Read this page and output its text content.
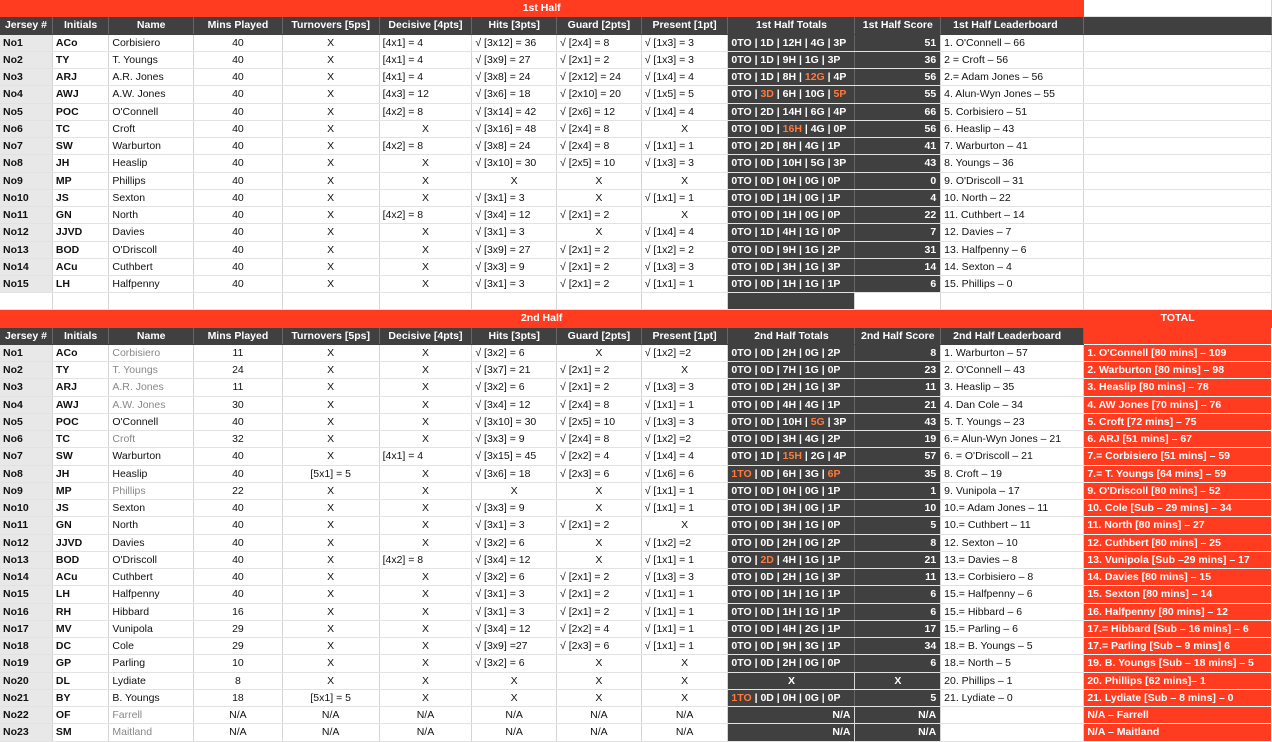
1st Half												
Jersey #	Initials	Name	Mins Played	Turnovers [5ps]	Decisive [4pts]	Hits [3pts]	Guard [2pts]	Present [1pt]	1st Half Totals	1st Half Score	1st Half Leaderboard	
No1	ACo	Corbisiero	40	X	[4x1] = 4	√ [3x12] = 36	√ [2x4] = 8	√ [1x3] = 3	0TO | 1D | 12H | 4G | 3P	51	1. O'Connell – 66	
No2	TY	T. Youngs	40	X	[4x1] = 4	√ [3x9] = 27	√ [2x1] = 2	√ [1x3] = 3	0TO | 1D | 9H | 1G | 3P	36	2 = Croft – 56	
No3	ARJ	A.R. Jones	40	X	[4x1] = 4	√ [3x8] = 24	√ [2x12] = 24	√ [1x4] = 4	0TO | 1D | 8H | 12G | 4P	56	2.= Adam Jones – 56	
No4	AWJ	A.W. Jones	40	X	[4x3] = 12	√ [3x6] = 18	√ [2x10] = 20	√ [1x5] = 5	0TO | 3D | 6H | 10G | 5P	55	4. Alun-Wyn Jones – 55	
No5	POC	O'Connell	40	X	[4x2] = 8	√ [3x14] = 42	√ [2x6] = 12	√ [1x4] = 4	0TO | 2D | 14H | 6G | 4P	66	5. Corbisiero – 51	
No6	TC	Croft	40	X	X	√ [3x16] = 48	√ [2x4] = 8	X	0TO | 0D | 16H | 4G | 0P	56	6. Heaslip – 43	
No7	SW	Warburton	40	X	[4x2] = 8	√ [3x8] = 24	√ [2x4] = 8	√ [1x1] = 1	0TO | 2D | 8H | 4G | 1P	41	7. Warburton – 41	
No8	JH	Heaslip	40	X	X	√ [3x10] = 30	√ [2x5] = 10	√ [1x3] = 3	0TO | 0D | 10H | 5G | 3P	43	8. Youngs – 36	
No9	MP	Phillips	40	X	X	X	X	X	0TO | 0D | 0H | 0G | 0P	0	9. O'Driscoll – 31	
No10	JS	Sexton	40	X	X	√ [3x1] = 3	X	√ [1x1] = 1	0TO | 0D | 1H | 0G | 1P	4	10. North – 22	
No11	GN	North	40	X	[4x2] = 8	√ [3x4] = 12	√ [2x1] = 2	X	0TO | 0D | 1H | 0G | 0P	22	11. Cuthbert – 14	
No12	JJVD	Davies	40	X	X	√ [3x1] = 3	X	√ [1x4] = 4	0TO | 1D | 4H | 1G | 0P	7	12. Davies – 7	
No13	BOD	O'Driscoll	40	X	X	√ [3x9] = 27	√ [2x1] = 2	√ [1x2] = 2	0TO | 0D | 9H | 1G | 2P	31	13. Halfpenny – 6	
No14	ACu	Cuthbert	40	X	X	√ [3x3] = 9	√ [2x1] = 2	√ [1x3] = 3	0TO | 0D | 3H | 1G | 3P	14	14. Sexton – 4	
No15	LH	Halfpenny	40	X	X	√ [3x1] = 3	√ [2x1] = 2	√ [1x1] = 1	0TO | 0D | 1H | 1G | 1P	6	15. Phillips – 0	

2nd Half												TOTAL
Jersey #	Initials	Name	Mins Played	Turnovers [5ps]	Decisive [4pts]	Hits [3pts]	Guard [2pts]	Present [1pt]	2nd Half Totals	2nd Half Score	2nd Half Leaderboard	
No1	ACo	Corbisiero	11	X	X	√ [3x2] = 6	X	√ [1x2] =2	0TO | 0D | 2H | 0G | 2P	8	1. Warburton – 57	1. O'Connell [80 mins] – 109
No2	TY	T. Youngs	24	X	X	√ [3x7] = 21	√ [2x1] = 2	X	0TO | 0D | 7H | 1G | 0P	23	2. O'Connell – 43	2. Warburton [80 mins] – 98
No3	ARJ	A.R. Jones	11	X	X	√ [3x2] = 6	√ [2x1] = 2	√ [1x3] = 3	0TO | 0D | 2H | 1G | 3P	11	3. Heaslip – 35	3. Heaslip [80 mins] – 78
No4	AWJ	A.W. Jones	30	X	X	√ [3x4] = 12	√ [2x4] = 8	√ [1x1] = 1	0TO | 0D | 4H | 4G | 1P	21	4. Dan Cole – 34	4. AW Jones [70 mins] – 76
No5	POC	O'Connell	40	X	X	√ [3x10] = 30	√ [2x5] = 10	√ [1x3] = 3	0TO | 0D | 10H | 5G | 3P	43	5. T. Youngs – 23	5. Croft [72 mins] – 75
No6	TC	Croft	32	X	X	√ [3x3] = 9	√ [2x4] = 8	√ [1x2] =2	0TO | 0D | 3H | 4G | 2P	19	6.= Alun-Wyn Jones – 21	6. ARJ [51 mins] – 67
No7	SW	Warburton	40	X	[4x1] = 4	√ [3x15] = 45	√ [2x2] = 4	√ [1x4] = 4	0TO | 1D | 15H | 2G | 4P	57	6. = O'Driscoll – 21	7.= Corbisiero [51 mins] – 59
No8	JH	Heaslip	40	[5x1] = 5	X	√ [3x6] = 18	√ [2x3] = 6	√ [1x6] = 6	1TO | 0D | 6H | 3G | 6P	35	8. Croft – 19	7.= T. Youngs [64 mins] – 59
No9	MP	Phillips	22	X	X	X	X	√ [1x1] = 1	0TO | 0D | 0H | 0G | 1P	1	9. Vunipola – 17	9. O'Driscoll [80 mins] – 52
No10	JS	Sexton	40	X	X	√ [3x3] = 9	X	√ [1x1] = 1	0TO | 0D | 3H | 0G | 1P	10	10.= Adam Jones – 11	10. Cole [Sub – 29 mins] – 34
No11	GN	North	40	X	X	√ [3x1] = 3	√ [2x1] = 2	X	0TO | 0D | 3H | 1G | 0P	5	10.= Cuthbert – 11	11. North [80 mins] – 27
No12	JJVD	Davies	40	X	X	√ [3x2] = 6	X	√ [1x2] =2	0TO | 0D | 2H | 0G | 2P	8	12. Sexton – 10	12. Cuthbert [80 mins] – 25
No13	BOD	O'Driscoll	40	X	[4x2] = 8	√ [3x4] = 12	X	√ [1x1] = 1	0TO | 2D | 4H | 1G | 1P	21	13.= Davies – 8	13. Vunipola [Sub –29 mins] – 17
No14	ACu	Cuthbert	40	X	X	√ [3x2] = 6	√ [2x1] = 2	√ [1x3] = 3	0TO | 0D | 2H | 1G | 3P	11	13.= Corbisiero – 8	14. Davies [80 mins] – 15
No15	LH	Halfpenny	40	X	X	√ [3x1] = 3	√ [2x1] = 2	√ [1x1] = 1	0TO | 0D | 1H | 1G | 1P	6	15.= Halfpenny – 6	15. Sexton [80 mins] – 14
No16	RH	Hibbard	16	X	X	√ [3x1] = 3	√ [2x1] = 2	√ [1x1] = 1	0TO | 0D | 1H | 1G | 1P	6	15.= Hibbard – 6	16. Halfpenny [80 mins] – 12
No17	MV	Vunipola	29	X	X	√ [3x4] = 12	√ [2x2] = 4	√ [1x1] = 1	0TO | 0D | 4H | 2G | 1P	17	15.= Parling – 6	17.= Hibbard [Sub – 16 mins] – 6
No18	DC	Cole	29	X	X	√ [3x9] =27	√ [2x3] = 6	√ [1x1] = 1	0TO | 0D | 9H | 3G | 1P	34	18.= B. Youngs – 5	17.= Parling [Sub – 9 mins] 6
No19	GP	Parling	10	X	X	√ [3x2] = 6	X	X	0TO | 0D | 2H | 0G | 0P	6	18.= North – 5	19. B. Youngs [Sub – 18 mins] – 5
No20	DL	Lydiate	8	X	X	X	X	X	X	X	20. Phillips – 1	20. Phillips [62 mins]– 1
No21	BY	B. Youngs	18	[5x1] = 5	X	X	X	X	1TO | 0D | 0H | 0G | 0P	5	21. Lydiate – 0	21. Lydiate [Sub – 8 mins] – 0
No22	OF	Farrell	N/A	N/A	N/A	N/A	N/A	N/A	N/A	N/A		N/A – Farrell
No23	SM	Maitland	N/A	N/A	N/A	N/A	N/A	N/A	N/A	N/A		N/A – Maitland
